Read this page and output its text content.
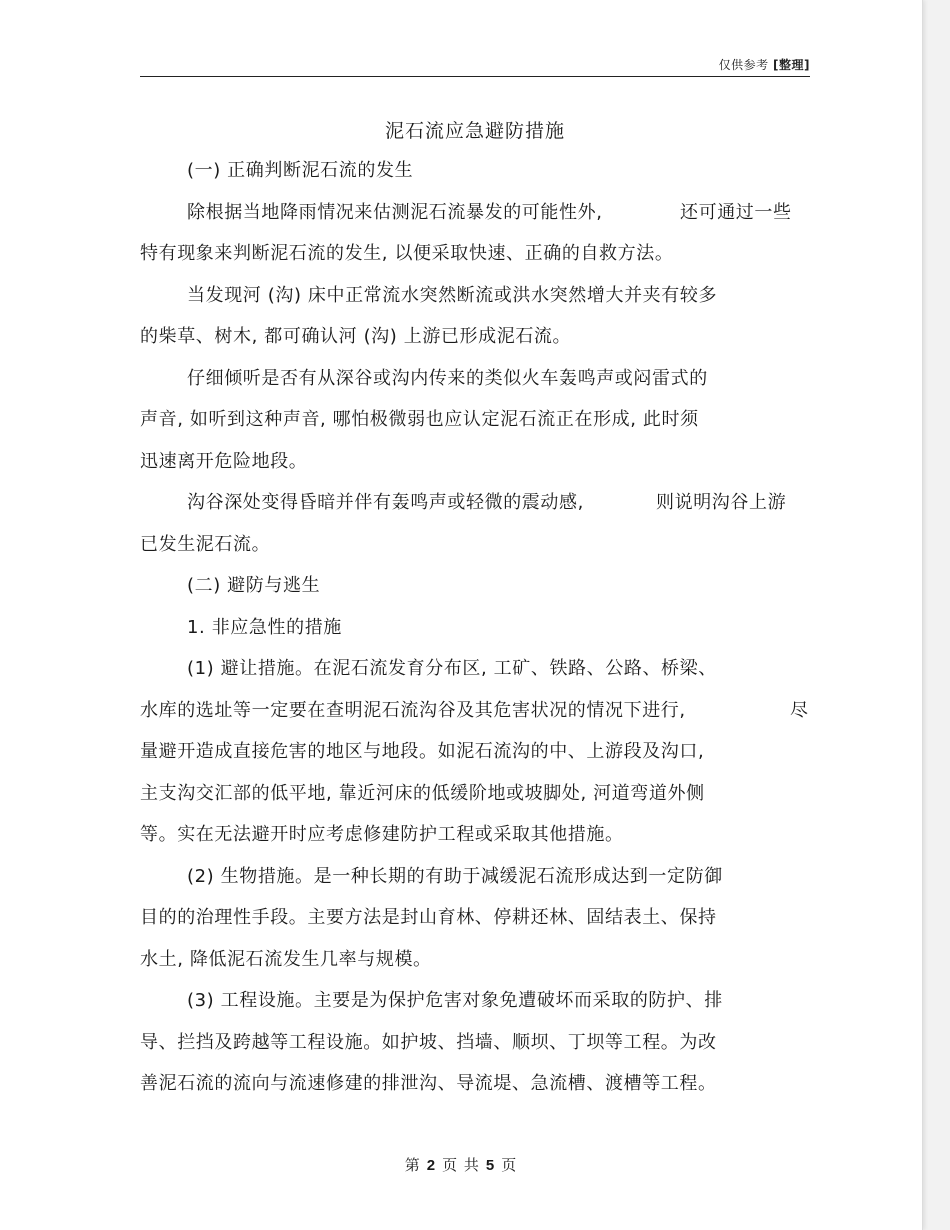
仅供参考 [整理]
泥石流应急避防措施
(一) 正确判断泥石流的发生
除根据当地降雨情况来估测泥石流暴发的可能性外,	还可通过一些
特有现象来判断泥石流的发生, 以便采取快速、正确的自救方法。
当发现河 (沟) 床中正常流水突然断流或洪水突然增大并夹有较多
的柴草、树木, 都可确认河 (沟) 上游已形成泥石流。
仔细倾听是否有从深谷或沟内传来的类似火车轰鸣声或闷雷式的
声音, 如听到这种声音, 哪怕极微弱也应认定泥石流正在形成, 此时须
迅速离开危险地段。
沟谷深处变得昏暗并伴有轰鸣声或轻微的震动感,	则说明沟谷上游
已发生泥石流。
(二) 避防与逃生
1. 非应急性的措施
(1) 避让措施。在泥石流发育分布区, 工矿、铁路、公路、桥梁、
水库的选址等一定要在查明泥石流沟谷及其危害状况的情况下进行,	尽
量避开造成直接危害的地区与地段。如泥石流沟的中、上游段及沟口,
主支沟交汇部的低平地, 靠近河床的低缓阶地或坡脚处, 河道弯道外侧
等。实在无法避开时应考虑修建防护工程或采取其他措施。
(2) 生物措施。是一种长期的有助于减缓泥石流形成达到一定防御
目的的治理性手段。主要方法是封山育林、停耕还林、固结表土、保持
水土, 降低泥石流发生几率与规模。
(3) 工程设施。主要是为保护危害对象免遭破坏而采取的防护、排
导、拦挡及跨越等工程设施。如护坡、挡墙、顺坝、丁坝等工程。为改
善泥石流的流向与流速修建的排泄沟、导流堤、急流槽、渡槽等工程。
第 2 页 共 5 页
